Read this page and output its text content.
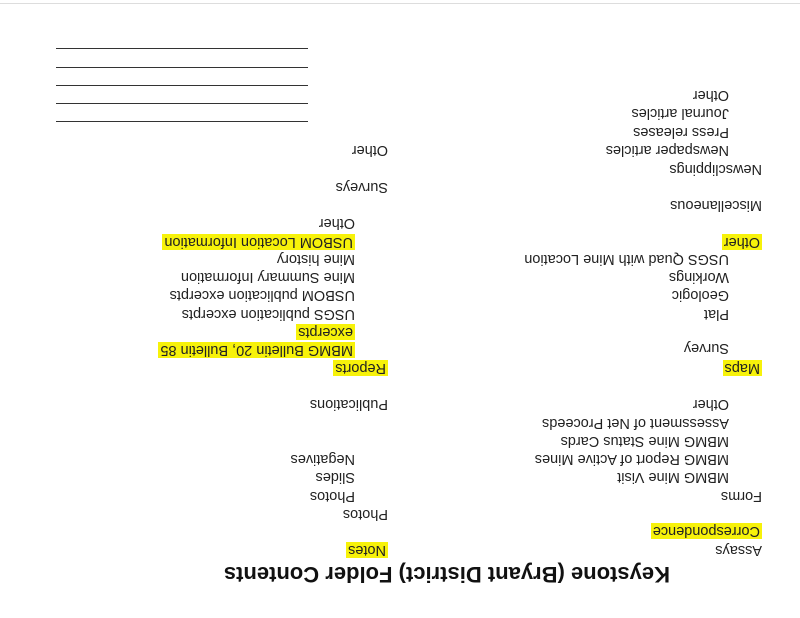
Keystone (Bryant District) Folder Contents
Assays
Correspondence
Forms
MBMG Mine Visit
MBMG Report of Active Mines
MBMG Mine Status Cards
Assessment of Net Proceeds
Other
Maps
Survey
Plat
Geologic
Workings
USGS Quad with Mine Location
Other
Miscellaneous
Newsclippings
Newspaper articles
Press releases
Journal articles
Other
Notes
Photos
Photos
Slides
Negatives
Publications
Reports
MBMG Bulletin 20, Bulletin 85
excerpts
USGS publication excerpts
USBOM publication excerpts
Mine Summary Information
Mine history
USBOM Location Information
Other
Surveys
Other
